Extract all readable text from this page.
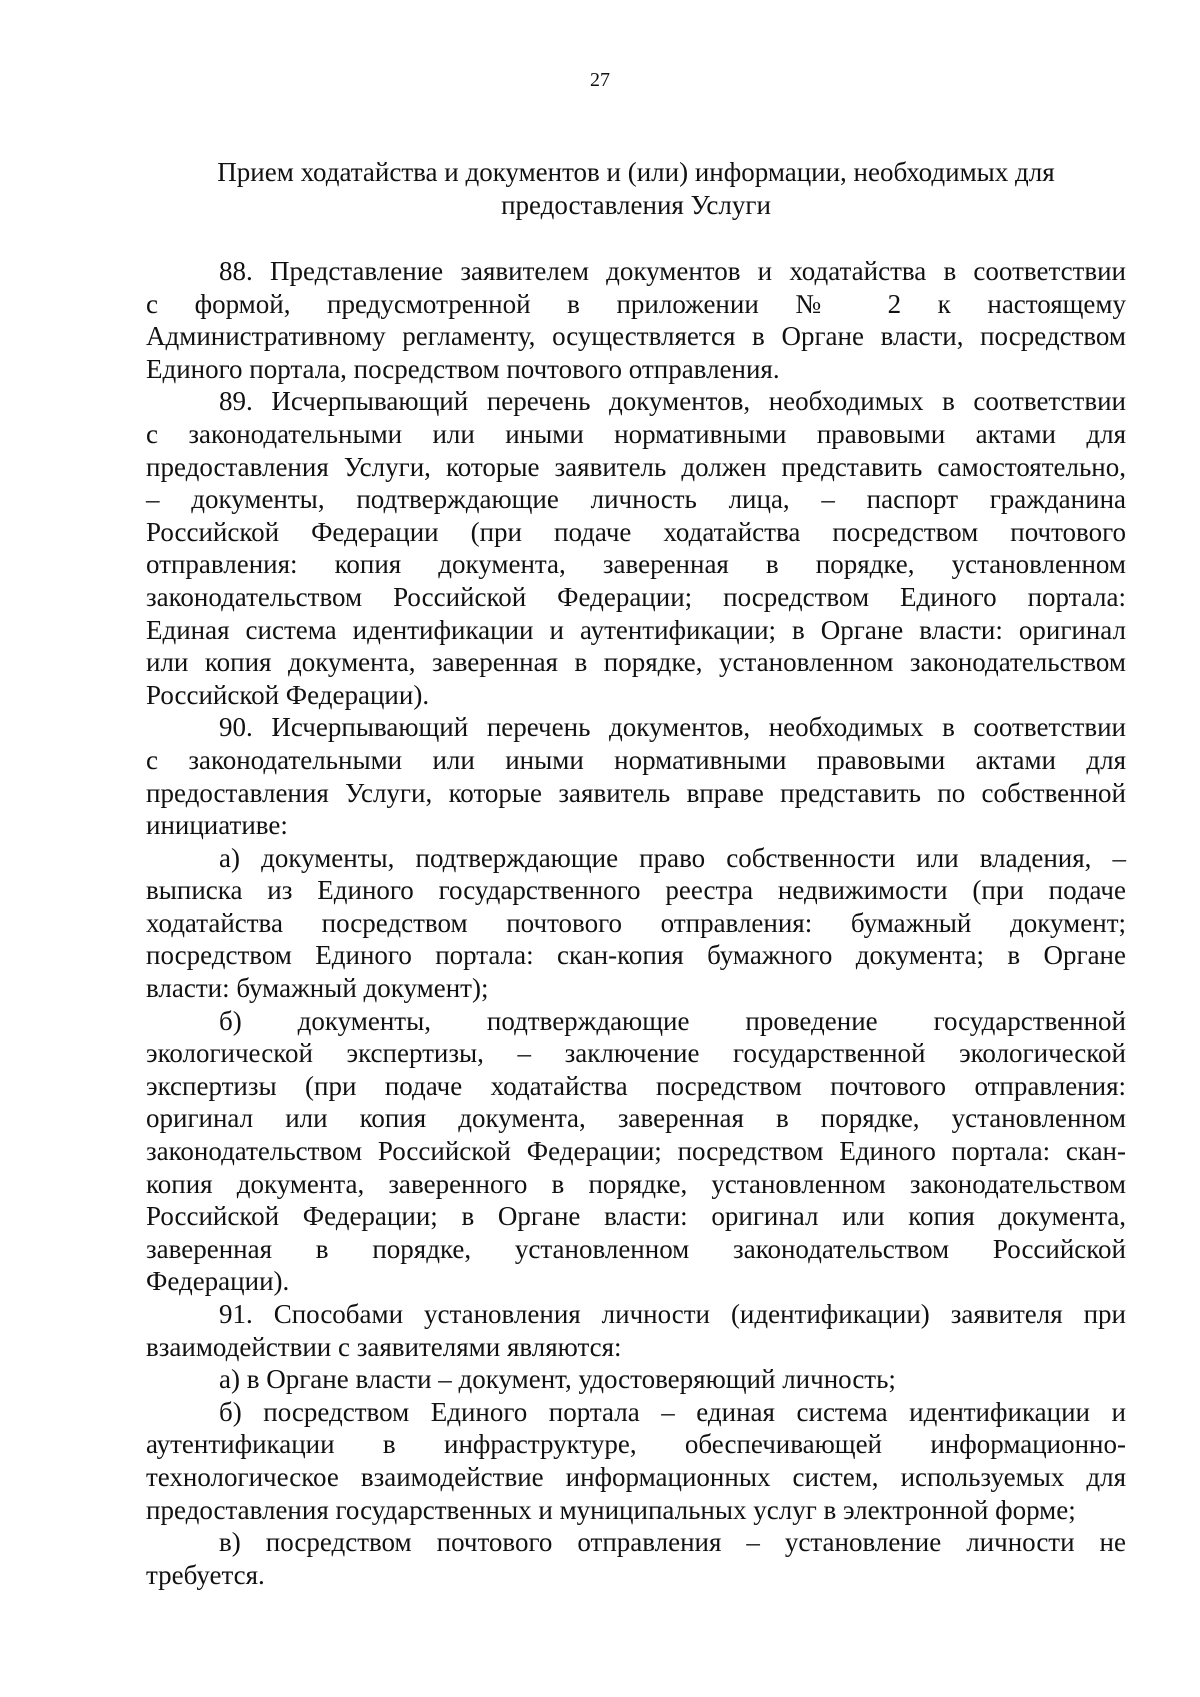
27
Прием ходатайства и документов и (или) информации, необходимых для
предоставления Услуги
88. Представление заявителем документов и ходатайства в соответствии
с формой, предусмотренной в приложении № 2 к настоящему
Административному регламенту, осуществляется в Органе власти, посредством
Единого портала, посредством почтового отправления.
89. Исчерпывающий перечень документов, необходимых в соответствии
с законодательными или иными нормативными правовыми актами для
предоставления Услуги, которые заявитель должен представить самостоятельно,
– документы, подтверждающие личность лица, – паспорт гражданина
Российской Федерации (при подаче ходатайства посредством почтового
отправления: копия документа, заверенная в порядке, установленном
законодательством Российской Федерации; посредством Единого портала:
Единая система идентификации и аутентификации; в Органе власти: оригинал
или копия документа, заверенная в порядке, установленном законодательством
Российской Федерации).
90. Исчерпывающий перечень документов, необходимых в соответствии
с законодательными или иными нормативными правовыми актами для
предоставления Услуги, которые заявитель вправе представить по собственной
инициативе:
а) документы, подтверждающие право собственности или владения, –
выписка из Единого государственного реестра недвижимости (при подаче
ходатайства посредством почтового отправления: бумажный документ;
посредством Единого портала: скан-копия бумажного документа; в Органе
власти: бумажный документ);
б) документы, подтверждающие проведение государственной
экологической экспертизы, – заключение государственной экологической
экспертизы (при подаче ходатайства посредством почтового отправления:
оригинал или копия документа, заверенная в порядке, установленном
законодательством Российской Федерации; посредством Единого портала: скан-
копия документа, заверенного в порядке, установленном законодательством
Российской Федерации; в Органе власти: оригинал или копия документа,
заверенная в порядке, установленном законодательством Российской
Федерации).
91. Способами установления личности (идентификации) заявителя при
взаимодействии с заявителями являются:
а) в Органе власти – документ, удостоверяющий личность;
б) посредством Единого портала – единая система идентификации и
аутентификации в инфраструктуре, обеспечивающей информационно-
технологическое взаимодействие информационных систем, используемых для
предоставления государственных и муниципальных услуг в электронной форме;
в) посредством почтового отправления – установление личности не
требуется.
